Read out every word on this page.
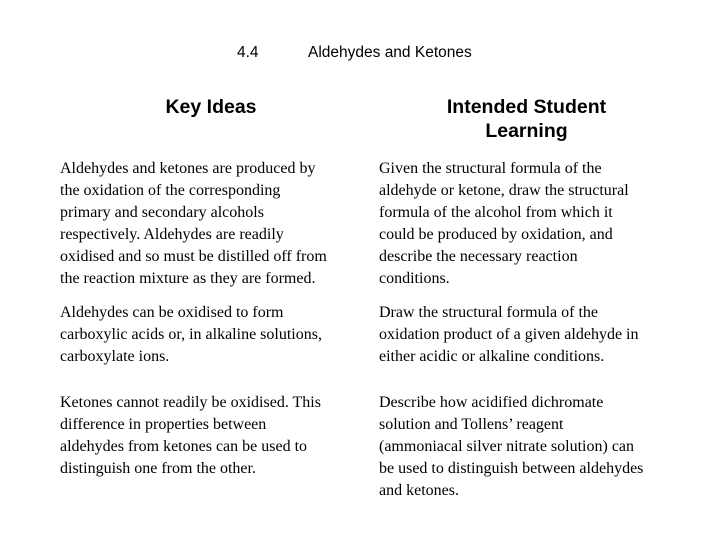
4.4	Aldehydes and Ketones
Key Ideas	Intended Student
Learning

Aldehydes and ketones are produced by
the oxidation of the corresponding
primary and secondary alcohols
respectively. Aldehydes are readily
oxidised and so must be distilled off from
the reaction mixture as they are formed.

Aldehydes can be oxidised to form
carboxylic acids or, in alkaline solutions,
carboxylate ions.

Ketones cannot readily be oxidised. This
difference in properties between
aldehydes from ketones can be used to
distinguish one from the other.

Given the structural formula of the
aldehyde or ketone, draw the structural
formula of the alcohol from which it
could be produced by oxidation, and
describe the necessary reaction
conditions.

Draw the structural formula of the
oxidation product of a given aldehyde in
either acidic or alkaline conditions.

Describe how acidified dichromate
solution and Tollens’ reagent
(ammoniacal silver nitrate solution) can
be used to distinguish between aldehydes
and ketones.
